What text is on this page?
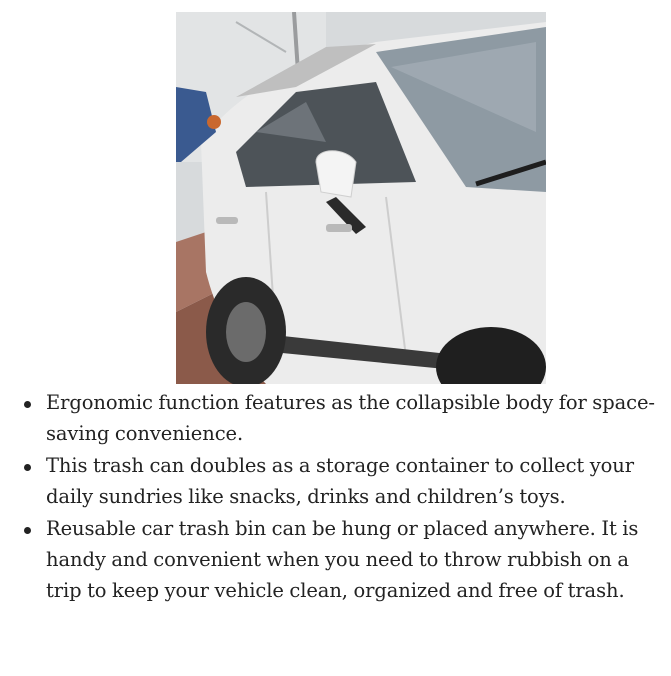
Ergonomic function features as the collapsible body for space-saving convenience.
This trash can doubles as a storage container to collect your daily sundries like snacks, drinks and children’s toys.
Reusable car trash bin can be hung or placed anywhere. It is handy and convenient when you need to throw rubbish on a trip to keep your vehicle clean, organized and free of trash.
